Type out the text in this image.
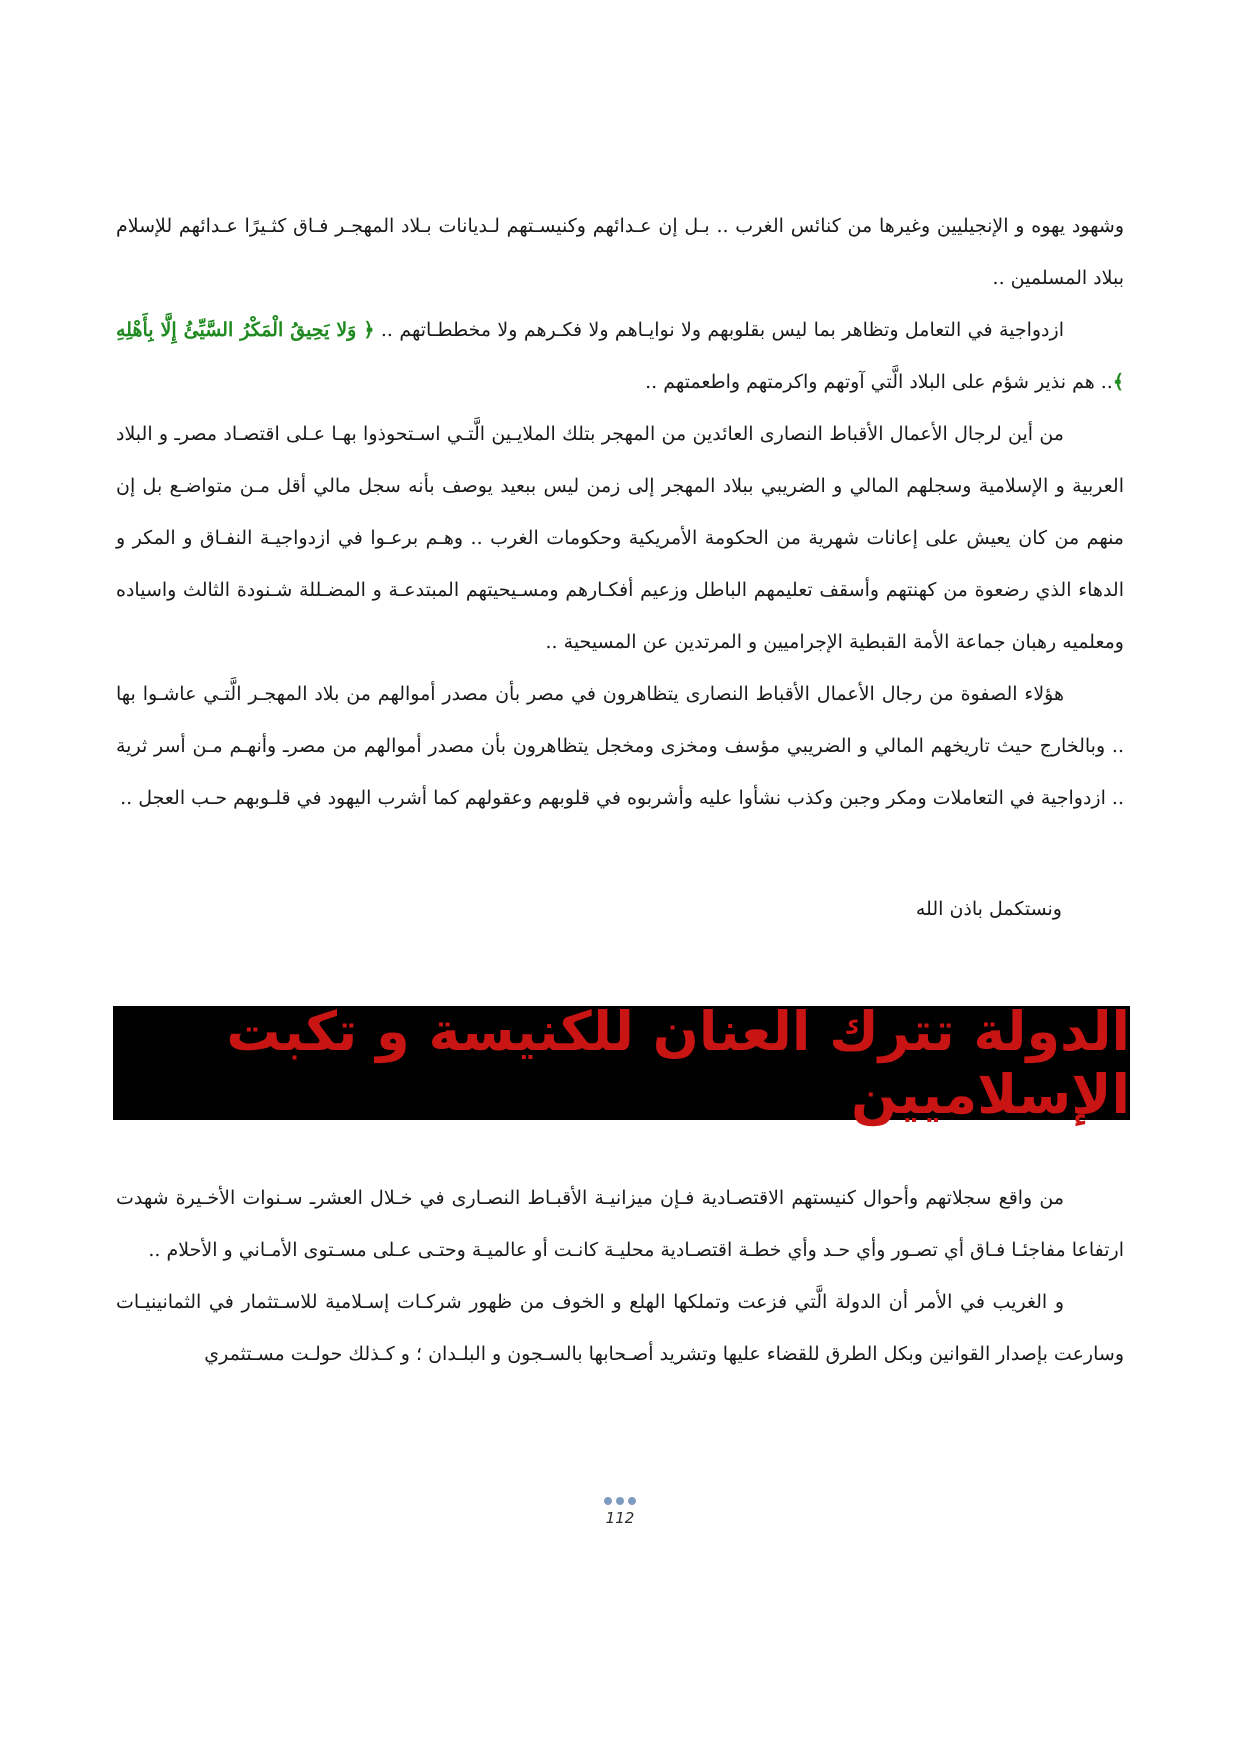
وشهود يهوه و الإنجيليين وغيرها من كنائس الغرب .. بـل إن عـدائهم وكنيسـتهم لـديانات بـلاد المهجـر فـاق كثـيرًا عـدائهم للإسلام ببلاد المسلمين ..

ازدواجية في التعامل وتظاهر بما ليس بقلوبهم ولا نوايـاهم ولا فكـرهم ولا مخططـاتهم .. ﴿ وَلا يَحِيقُ الْمَكْرُ السَّيِّئُ إِلَّا بِأَهْلِهِ ﴾.. هم نذير شؤم على البلاد الَّتي آوتهم واكرمتهم واطعمتهم ..

من أين لرجال الأعمال الأقباط النصارى العائدين من المهجر بتلك الملايـين الَّتـي اسـتحوذوا بهـا عـلى اقتصـاد مصرـ و البلاد العربية و الإسلامية وسجلهم المالي و الضريبي ببلاد المهجر إلى زمن ليس ببعيد يوصف بأنه سجل مالي أقل مـن متواضـع بل إن منهم من كان يعيش على إعانات شهرية من الحكومة الأمريكية وحكومات الغرب .. وهـم برعـوا في ازدواجيـة النفـاق و المكر و الدهاء الذي رضعوة من كهنتهم وأسقف تعليمهم الباطل وزعيم أفكـارهم ومسـيحيتهم المبتدعـة و المضـللة شـنودة الثالث واسياده ومعلميه رهبان جماعة الأمة القبطية الإجراميين و المرتدين عن المسيحية ..

هؤلاء الصفوة من رجال الأعمال الأقباط النصارى يتظاهرون في مصر بأن مصدر أموالهم من بلاد المهجـر الَّتـي عاشـوا بها .. وبالخارج حيث تاريخهم المالي و الضريبي مؤسف ومخزى ومخجل يتظاهرون بأن مصدر أموالهم من مصرـ وأنهـم مـن أسر ثرية .. ازدواجية في التعاملات ومكر وجبن وكذب نشأوا عليه وأشربوه في قلوبهم وعقولهم كما أشرب اليهود في قلـوبهم حـب العجل ..

ونستكمل باذن الله
الدولة تترك العنان للكنيسة و تكبت الإسلاميين

من واقع سجلاتهم وأحوال كنيستهم الاقتصـادية فـإن ميزانيـة الأقبـاط النصـارى في خـلال العشرـ سـنوات الأخـيرة شهدت ارتفاعا مفاجئـا فـاق أي تصـور وأي حـد وأي خطـة اقتصـادية محليـة كانـت أو عالميـة وحتـى عـلى مسـتوى الأمـاني و الأحلام ..

و الغريب في الأمر أن الدولة الَّتي فزعت وتملكها الهلع و الخوف من ظهور شركـات إسـلامية للاسـتثمار في الثمانينيـات وسارعت بإصدار القوانين وبكل الطرق للقضاء عليها وتشريد أصـحابها بالسـجون و البلـدان ؛ و كـذلك حولـت مسـتثمري

112
